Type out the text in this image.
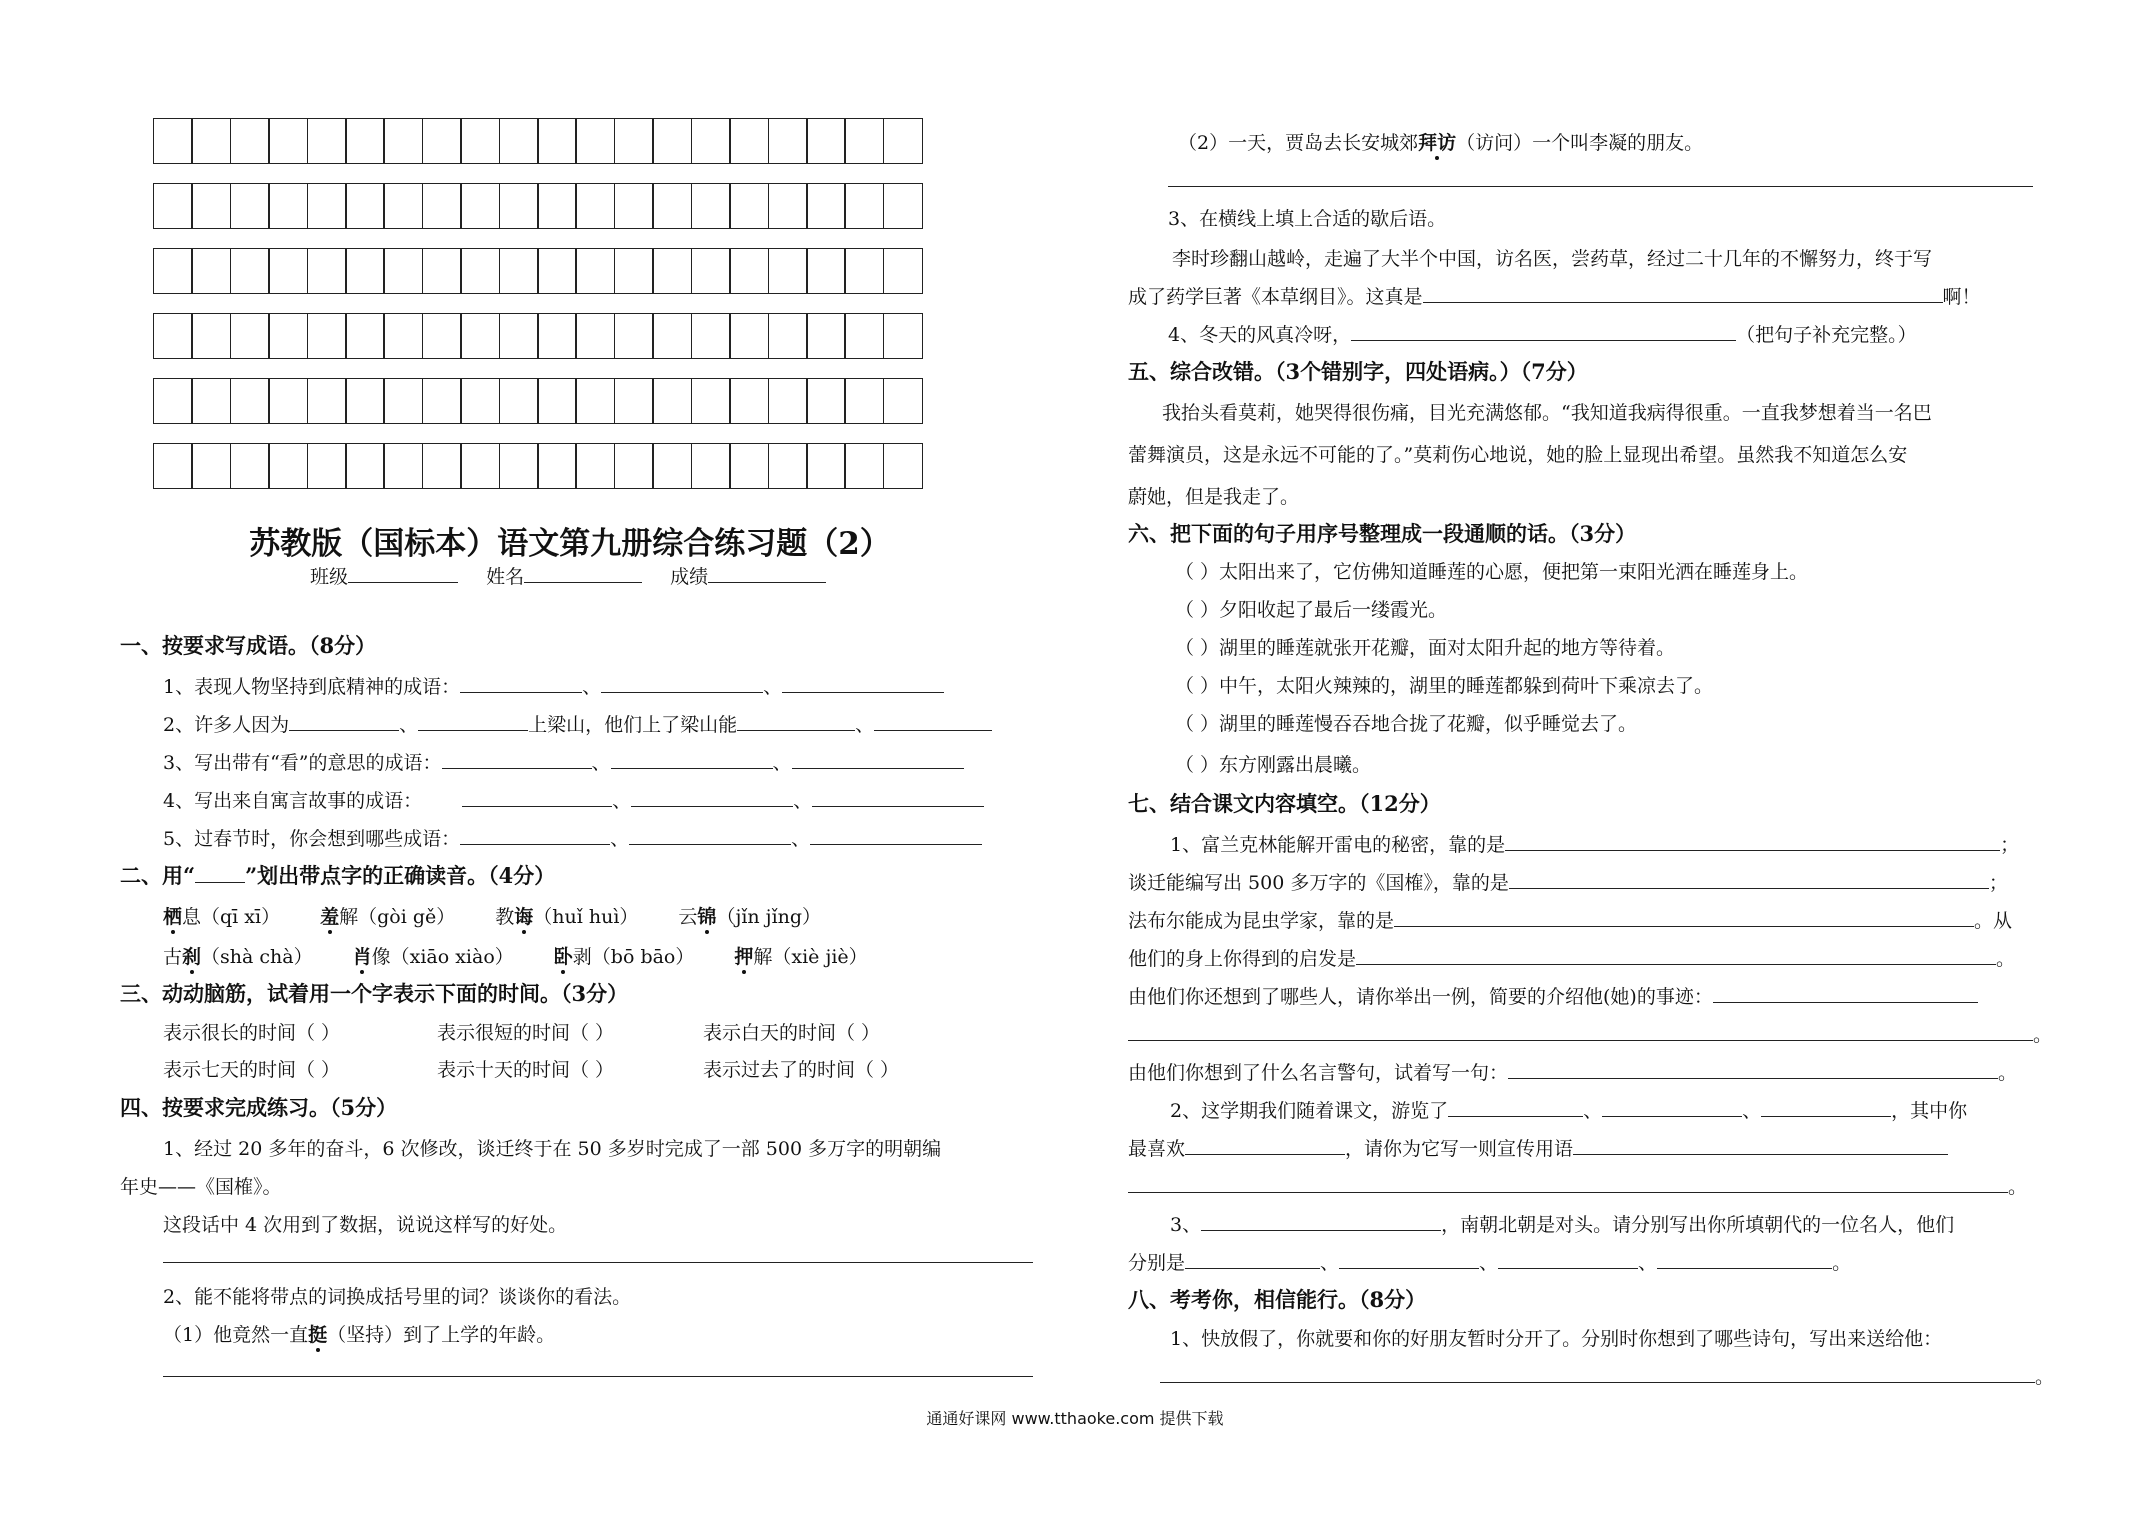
苏教版（国标本）语文第九册综合练习题（2）
班级	姓名	成绩
一、按要求写成语。（8分）
1、表现人物坚持到底精神的成语：	、	、
2、许多人因为	、	上梁山，他们上了梁山能	、
3、写出带有“看”的意思的成语：	、	、
4、写出来自寓言故事的成语：	、	、
5、过春节时，你会想到哪些成语：	、	、
二、用“ ”划出带点字的正确读音。（4分）
栖息（qī xī） 羞解（gòi gě） 教诲（huǐ huì） 云锦（jǐn jǐng）
古刹（shà chà） 肖像（xiāo xiào） 卧剥（bō bāo） 押解（xiè jiè）
三、动动脑筋，试着用一个字表示下面的时间。（3分）
表示很长的时间（ ）	表示很短的时间（ ）	表示白天的时间（ ）
表示七天的时间（ ）	表示十天的时间（ ）	表示过去了的时间（ ）
四、按要求完成练习。（5分）
1、经过 20 多年的奋斗，6 次修改，谈迁终于在 50 多岁时完成了一部 500 多万字的明朝编
年史——《国榷》。
这段话中 4 次用到了数据，说说这样写的好处。
2、能不能将带点的词换成括号里的词？谈谈你的看法。
（1）他竟然一直挺（坚持）到了上学的年龄。
（2）一天，贾岛去长安城郊拜访（访问）一个叫李凝的朋友。
3、在横线上填上合适的歇后语。
李时珍翻山越岭，走遍了大半个中国，访名医，尝药草，经过二十几年的不懈努力，终于写
成了药学巨著《本草纲目》。这真是	啊！
4、冬天的风真冷呀，	（把句子补充完整。）
五、综合改错。（3个错别字，四处语病。）（7分）
我抬头看莫莉，她哭得很伤痛，目光充满悠郁。“我知道我病得很重。一直我梦想着当一名巴
蕾舞演员，这是永远不可能的了。”莫莉伤心地说，她的脸上显现出希望。虽然我不知道怎么安
蔚她，但是我走了。
六、把下面的句子用序号整理成一段通顺的话。（3分）
（ ）太阳出来了，它仿佛知道睡莲的心愿，便把第一束阳光洒在睡莲身上。
（ ）夕阳收起了最后一缕霞光。
（ ）湖里的睡莲就张开花瓣，面对太阳升起的地方等待着。
（ ）中午，太阳火辣辣的，湖里的睡莲都躲到荷叶下乘凉去了。
（ ）湖里的睡莲慢吞吞地合拢了花瓣，似乎睡觉去了。
（ ）东方刚露出晨曦。
七、结合课文内容填空。（12分）
1、富兰克林能解开雷电的秘密，靠的是	；
谈迁能编写出 500 多万字的《国榷》，靠的是	；
法布尔能成为昆虫学家，靠的是	。从
他们的身上你得到的启发是	。
由他们你还想到了哪些人，请你举出一例，简要的介绍他(她)的事迹：
。
由他们你想到了什么名言警句，试着写一句：	。
2、这学期我们随着课文，游览了	、	、	，其中你
最喜欢	，请你为它写一则宣传用语
。
3、	，南朝北朝是对头。请分别写出你所填朝代的一位名人，他们
分别是	、	、	、	。
八、考考你，相信能行。（8分）
1、快放假了，你就要和你的好朋友暂时分开了。分别时你想到了哪些诗句，写出来送给他：
。
通通好课网 www.tthaoke.com 提供下载
